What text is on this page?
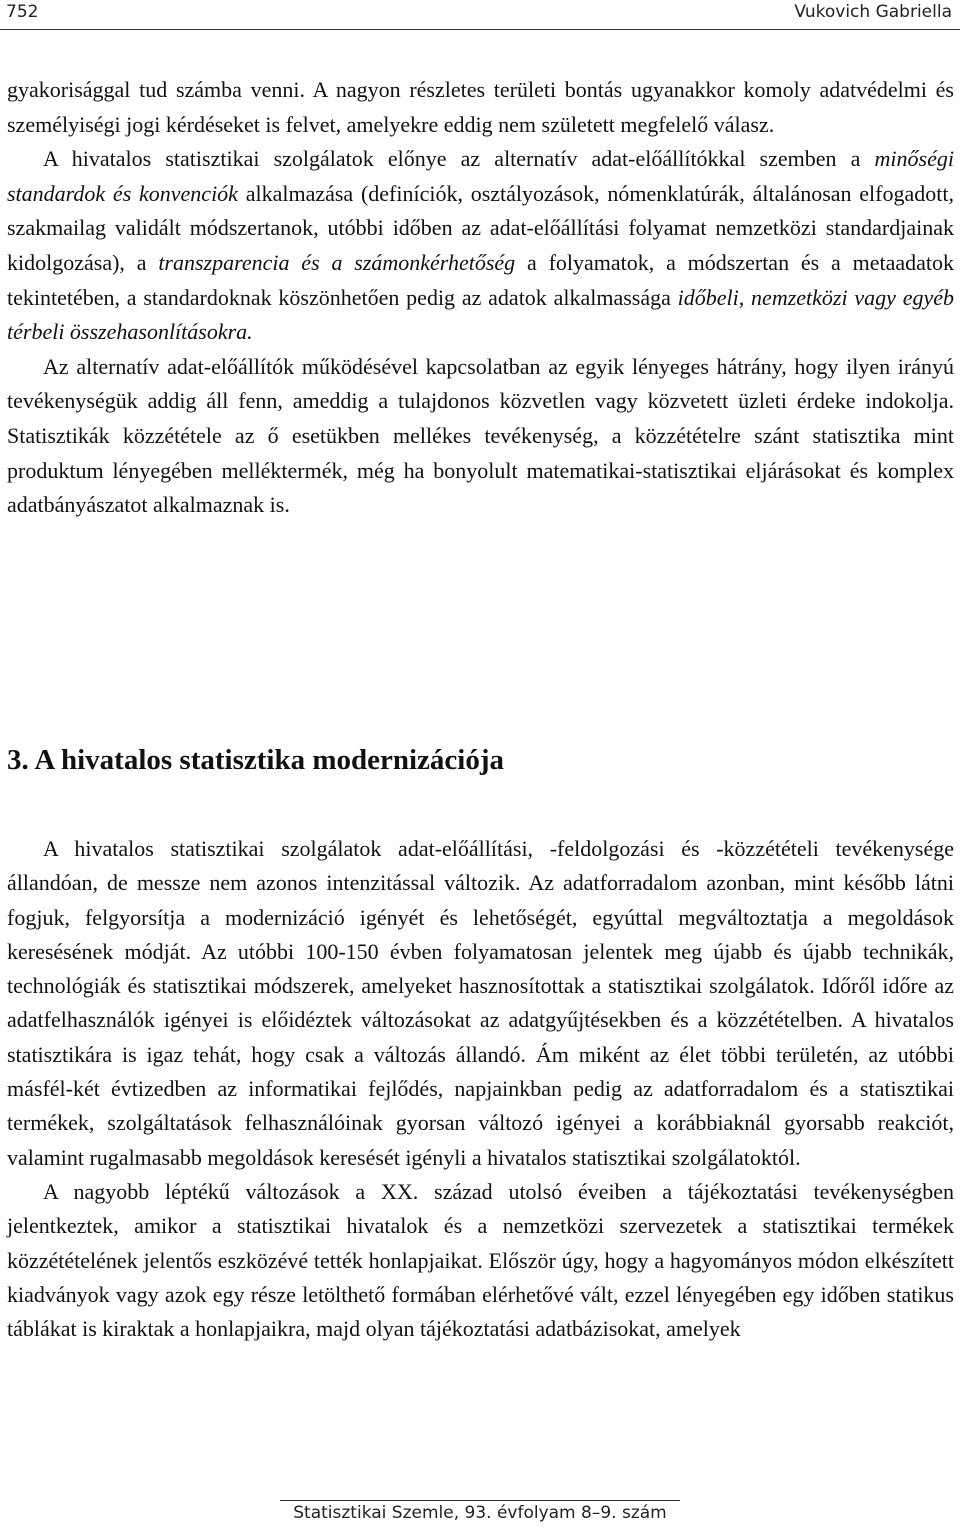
752	Vukovich Gabriella

gyakorisággal tud számba venni. A nagyon részletes területi bontás ugyanakkor komoly adatvédelmi és személyiségi jogi kérdéseket is felvet, amelyekre eddig nem született megfelelő válasz.

A hivatalos statisztikai szolgálatok előnye az alternatív adat-előállítókkal szemben a minőségi standardok és konvenciók alkalmazása (definíciók, osztályozások, nómenklatúrák, általánosan elfogadott, szakmailag validált módszertanok, utóbbi időben az adat-előállítási folyamat nemzetközi standardjainak kidolgozása), a transzparencia és a számonkérhetőség a folyamatok, a módszertan és a metaadatok tekintetében, a standardoknak köszönhetően pedig az adatok alkalmassága időbeli, nemzetközi vagy egyéb térbeli összehasonlításokra.

Az alternatív adat-előállítók működésével kapcsolatban az egyik lényeges hátrány, hogy ilyen irányú tevékenységük addig áll fenn, ameddig a tulajdonos közvetlen vagy közvetett üzleti érdeke indokolja. Statisztikák közzététele az ő esetükben mellékes tevékenység, a közzétételre szánt statisztika mint produktum lényegében melléktermék, még ha bonyolult matematikai-statisztikai eljárásokat és komplex adatbányászatot alkalmaznak is.

3. A hivatalos statisztika modernizációja

A hivatalos statisztikai szolgálatok adat-előállítási, -feldolgozási és -közzétételi tevékenysége állandóan, de messze nem azonos intenzitással változik. Az adatforradalom azonban, mint később látni fogjuk, felgyorsítja a modernizáció igényét és lehetőségét, egyúttal megváltoztatja a megoldások keresésének módját. Az utóbbi 100-150 évben folyamatosan jelentek meg újabb és újabb technikák, technológiák és statisztikai módszerek, amelyeket hasznosítottak a statisztikai szolgálatok. Időről időre az adatfelhasználók igényei is előidéztek változásokat az adatgyűjtésekben és a közzétételben. A hivatalos statisztikára is igaz tehát, hogy csak a változás állandó. Ám miként az élet többi területén, az utóbbi másfél-két évtizedben az informatikai fejlődés, napjainkban pedig az adatforradalom és a statisztikai termékek, szolgáltatások felhasználóinak gyorsan változó igényei a korábbiaknál gyorsabb reakciót, valamint rugalmasabb megoldások keresését igényli a hivatalos statisztikai szolgálatoktól.

A nagyobb léptékű változások a XX. század utolsó éveiben a tájékoztatási tevékenységben jelentkeztek, amikor a statisztikai hivatalok és a nemzetközi szervezetek a statisztikai termékek közzétételének jelentős eszközévé tették honlapjaikat. Először úgy, hogy a hagyományos módon elkészített kiadványok vagy azok egy része letölthető formában elérhetővé vált, ezzel lényegében egy időben statikus táblákat is kiraktak a honlapjaikra, majd olyan tájékoztatási adatbázisokat, amelyek

Statisztikai Szemle, 93. évfolyam 8–9. szám
